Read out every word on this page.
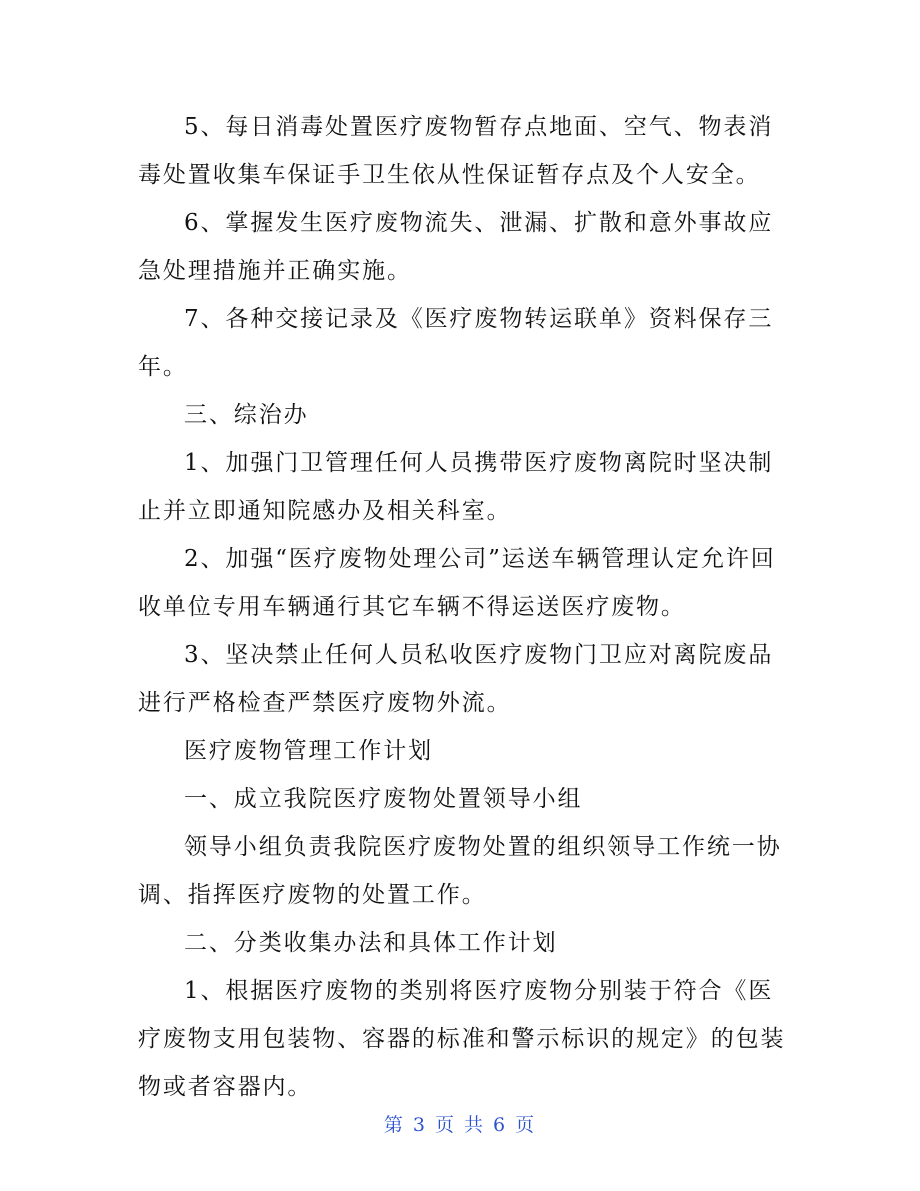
5、每日消毒处置医疗废物暂存点地面、空气、物表消毒处置收集车保证手卫生依从性保证暂存点及个人安全。

6、掌握发生医疗废物流失、泄漏、扩散和意外事故应急处理措施并正确实施。

7、各种交接记录及《医疗废物转运联单》资料保存三年。

三、综治办

1、加强门卫管理任何人员携带医疗废物离院时坚决制止并立即通知院感办及相关科室。

2、加强“医疗废物处理公司”运送车辆管理认定允许回收单位专用车辆通行其它车辆不得运送医疗废物。

3、坚决禁止任何人员私收医疗废物门卫应对离院废品进行严格检查严禁医疗废物外流。

医疗废物管理工作计划

一、成立我院医疗废物处置领导小组

领导小组负责我院医疗废物处置的组织领导工作统一协调、指挥医疗废物的处置工作。

二、分类收集办法和具体工作计划

1、根据医疗废物的类别将医疗废物分别装于符合《医疗废物支用包装物、容器的标准和警示标识的规定》的包装物或者容器内。

第 3 页 共 6 页
